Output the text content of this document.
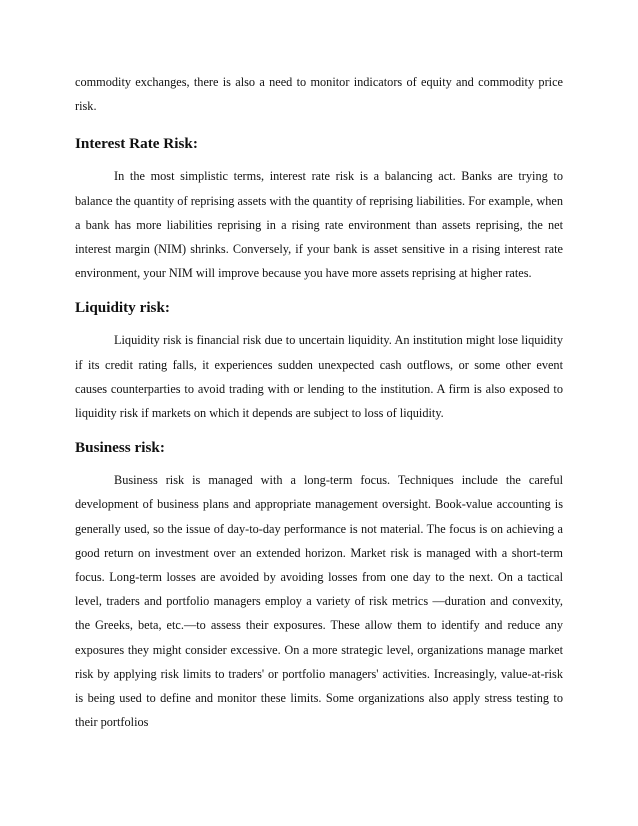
commodity exchanges, there is also a need to monitor indicators of equity and commodity price risk.

Interest Rate Risk:

In the most simplistic terms, interest rate risk is a balancing act. Banks are trying to balance the quantity of reprising assets with the quantity of reprising liabilities. For example, when a bank has more liabilities reprising in a rising rate environment than assets reprising, the net interest margin (NIM) shrinks. Conversely, if your bank is asset sensitive in a rising interest rate environment, your NIM will improve because you have more assets reprising at higher rates.

Liquidity risk:

Liquidity risk is financial risk due to uncertain liquidity. An institution might lose liquidity if its credit rating falls, it experiences sudden unexpected cash outflows, or some other event causes counterparties to avoid trading with or lending to the institution. A firm is also exposed to liquidity risk if markets on which it depends are subject to loss of liquidity.

Business risk:

Business risk is managed with a long-term focus. Techniques include the careful development of business plans and appropriate management oversight. Book-value accounting is generally used, so the issue of day-to-day performance is not material. The focus is on achieving a good return on investment over an extended horizon. Market risk is managed with a short-term focus. Long-term losses are avoided by avoiding losses from one day to the next. On a tactical level, traders and portfolio managers employ a variety of risk metrics —duration and convexity, the Greeks, beta, etc.—to assess their exposures. These allow them to identify and reduce any exposures they might consider excessive. On a more strategic level, organizations manage market risk by applying risk limits to traders' or portfolio managers' activities. Increasingly, value-at-risk is being used to define and monitor these limits. Some organizations also apply stress testing to their portfolios
